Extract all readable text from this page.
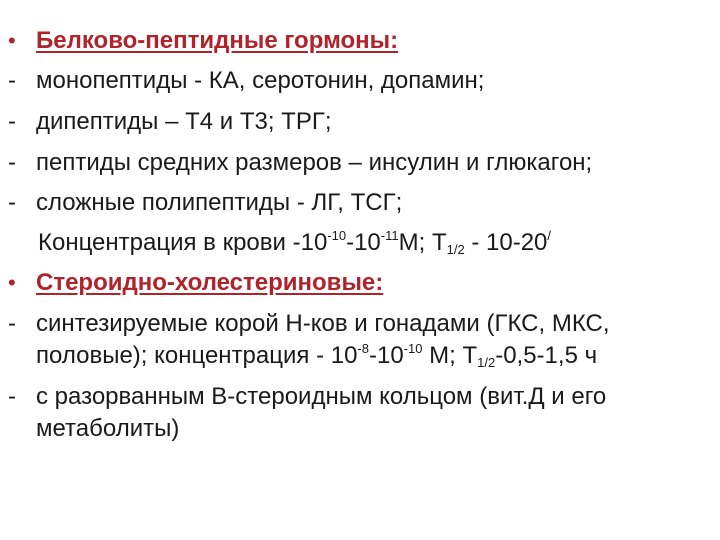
• Белково-пептидные гормоны:
- монопептиды - КА, серотонин, допамин;
- дипептиды – Т4 и Т3; ТРГ;
- пептиды средних размеров – инсулин и глюкагон;
- сложные полипептиды - ЛГ, ТСГ;
Концентрация в крови $-10^{-10}-10^{-11}М$; $Т_{1/2} - 10-20^/$
• Стероидно-холестериновые:
- синтезируемые корой Н-ков и гонадами (ГКС, МКС,
половые); концентрация - $10^{-8}-10^{-10}$ М; $Т_{1/2}-0,5-1,5$ ч
- с разорванным В-стероидным кольцом (вит.Д и его
метаболиты)
